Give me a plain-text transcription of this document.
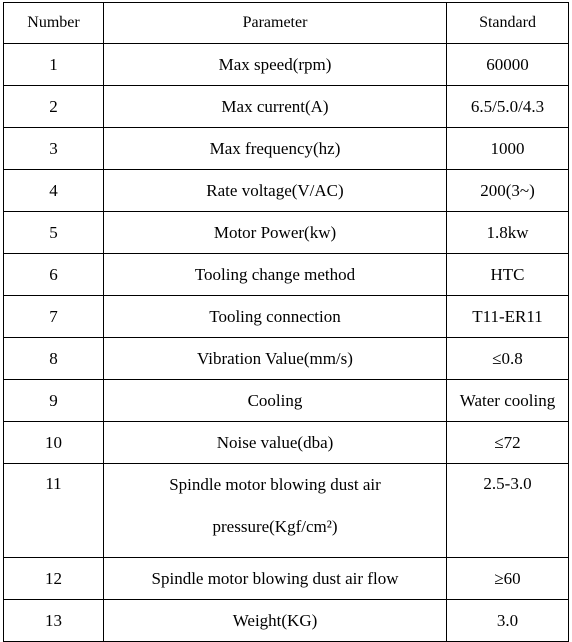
Number	Parameter	Standard
1	Max speed(rpm)	60000
2	Max current(A)	6.5/5.0/4.3
3	Max frequency(hz)	1000
4	Rate voltage(V/AC)	200(3~)
5	Motor Power(kw)	1.8kw
6	Tooling change method	HTC
7	Tooling connection	T11-ER11
8	Vibration Value(mm/s)	≤0.8
9	Cooling	Water cooling
10	Noise value(dba)	≤72
11	Spindle motor blowing dust air pressure(Kgf/cm²)	2.5-3.0
12	Spindle motor blowing dust air flow	≥60
13	Weight(KG)	3.0
